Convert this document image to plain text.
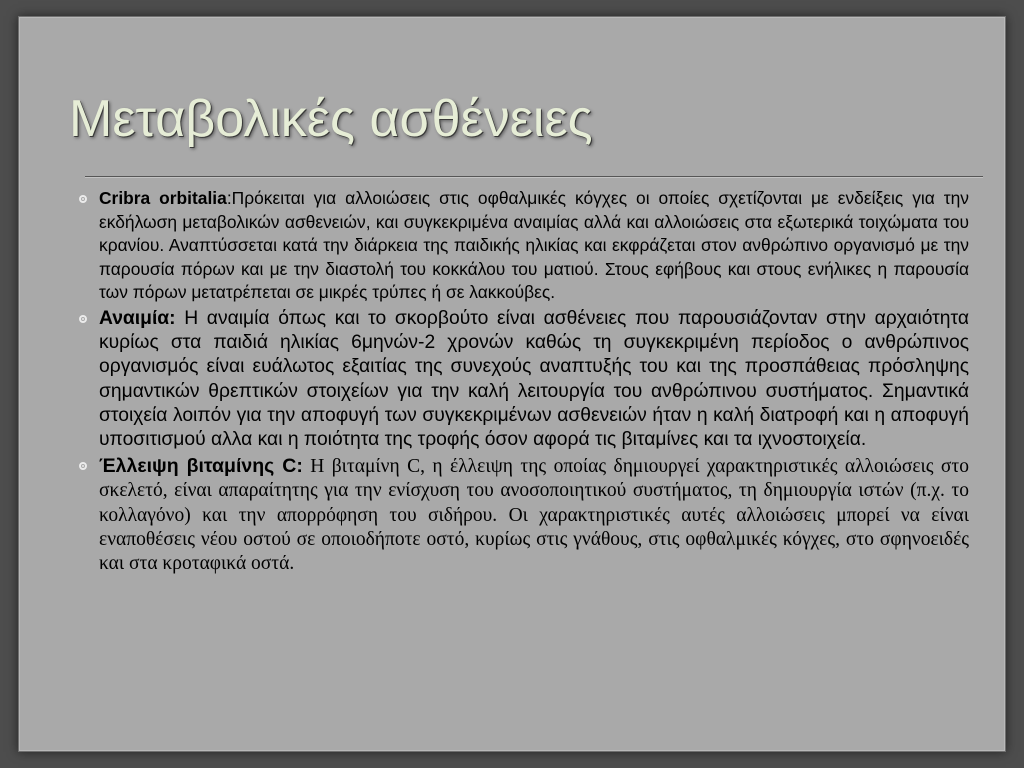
Μεταβολικές ασθένειες
Cribra orbitalia:Πρόκειται για αλλοιώσεις στις οφθαλμικές κόγχες οι οποίες σχετίζονται με ενδείξεις για την εκδήλωση μεταβολικών ασθενειών, και συγκεκριμένα αναιμίας αλλά και αλλοιώσεις στα εξωτερικά τοιχώματα του κρανίου. Αναπτύσσεται κατά την διάρκεια της παιδικής ηλικίας και εκφράζεται στον ανθρώπινο οργανισμό με την παρουσία πόρων και με την διαστολή του κοκκάλου του ματιού. Στους εφήβους και στους ενήλικες η παρουσία των πόρων μετατρέπεται σε μικρές τρύπες ή σε λακκούβες.
Αναιμία: Η αναιμία όπως και το σκορβούτο είναι ασθένειες που παρουσιάζονταν στην αρχαιότητα κυρίως στα παιδιά ηλικίας 6μηνών-2 χρονών καθώς τη συγκεκριμένη περίοδος ο ανθρώπινος οργανισμός είναι ευάλωτος εξαιτίας της συνεχούς αναπτυξής του και της προσπάθειας πρόσληψης σημαντικών θρεπτικών στοιχείων για την καλή λειτουργία του ανθρώπινου συστήματος. Σημαντικά στοιχεία λοιπόν για την αποφυγή των συγκεκριμένων ασθενειών ήταν η καλή διατροφή και η αποφυγή υποσιτισμού αλλα και η ποιότητα της τροφής όσον αφορά τις βιταμίνες και τα ιχνοστοιχεία.
Έλλειψη βιταμίνης C: Η βιταμίνη C, η έλλειψη της οποίας δημιουργεί χαρακτηριστικές αλλοιώσεις στο σκελετό, είναι απαραίτητης για την ενίσχυση του ανοσοποιητικού συστήματος, τη δημιουργία ιστών (π.χ. το κολλαγόνο) και την απορρόφηση του σιδήρου. Οι χαρακτηριστικές αυτές αλλοιώσεις μπορεί να είναι εναποθέσεις νέου οστού σε οποιοδήποτε οστό, κυρίως στις γνάθους, στις οφθαλμικές κόγχες, στο σφηνοειδές και στα κροταφικά οστά.
